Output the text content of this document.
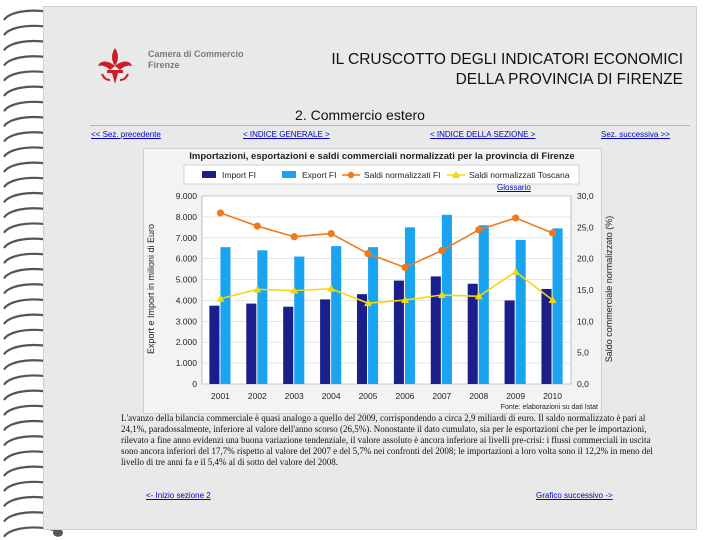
Camera di Commercio
Firenze	IL CRUSCOTTO DEGLI INDICATORI ECONOMICI
DELLA PROVINCIA DI FIRENZE
2. Commercio estero
<< Sez. precedente	< INDICE GENERALE >	< INDICE DELLA SEZIONE >	Sez. successiva >>
Importazioni, esportazioni e saldi commerciali normalizzati per la provincia di Firenze
Import FI	Export FI	Saldi normalizzati FI	Saldi normalizzati Toscana
0
1.000
2.000
3.000
4.000
5.000
6.000
7.000
8.000
9.000
0,0
5,0
10,0
15,0
20,0
25,0
30,0
2001 2002 2003 2004 2005 2006 2007 2008 2009 2010
Export e Import in milioni di Euro	Saldo commerciale normalizzato (%)
Fonte: elaborazioni su dati Istat
Glossario
L'avanzo della bilancia commerciale è quasi analogo a quello del 2009, corrispondendo a circa 2,9 miliardi di euro. Il saldo normalizzato è pari al 24,1%, paradossalmente, inferiore al valore dell'anno scorso (26,5%). Nonostante il dato cumulato, sia per le esportazioni che per le importazioni, rilevato a fine anno evidenzi una buona variazione tendenziale, il valore assoluto è ancora inferiore ai livelli pre-crisi: i flussi commerciali in uscita sono ancora inferiori del 17,7% rispetto al valore del 2007 e del 5,7% nei confronti del 2008; le importazioni a loro volta sono il 12,2% in meno del livello di tre anni fa e il 5,4% al di sotto del valore del 2008.
<- Inizio sezione 2	Grafico successivo ->
